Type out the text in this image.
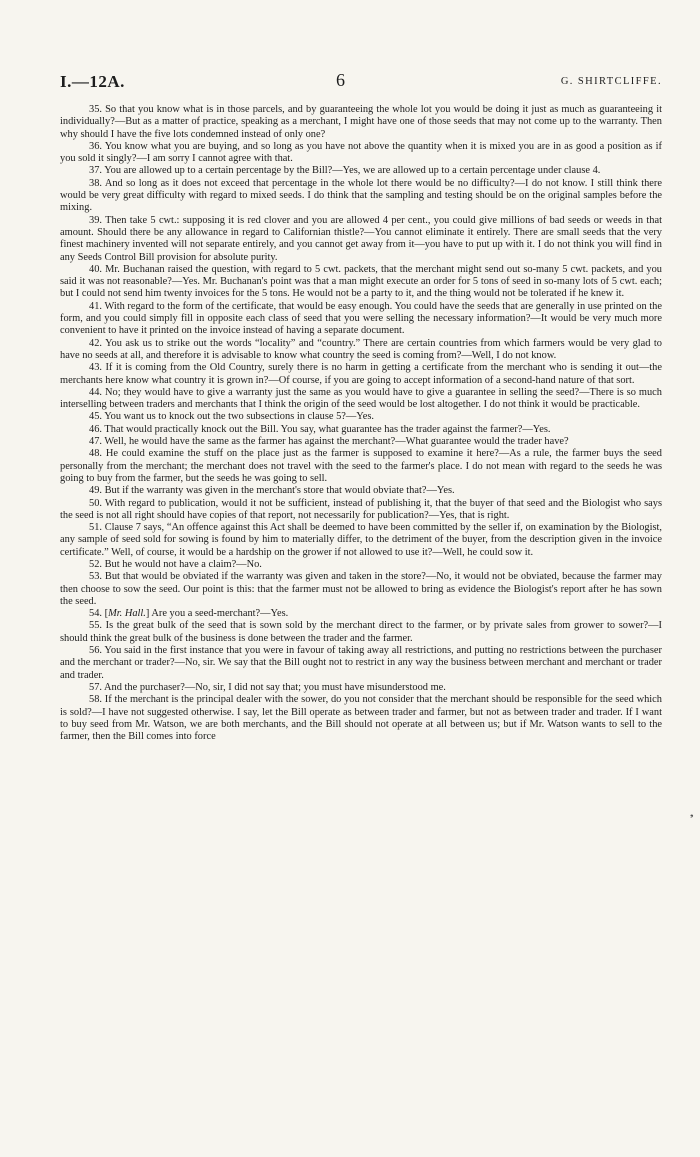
I.—12A.	6	G. SHIRTCLIFFE.

35. So that you know what is in those parcels, and by guaranteeing the whole lot you would be doing it just as much as guaranteeing it individually?—But as a matter of practice, speaking as a merchant, I might have one of those seeds that may not come up to the warranty. Then why should I have the five lots condemned instead of only one?

36. You know what you are buying, and so long as you have not above the quantity when it is mixed you are in as good a position as if you sold it singly?—I am sorry I cannot agree with that.

37. You are allowed up to a certain percentage by the Bill?—Yes, we are allowed up to a certain percentage under clause 4.

38. And so long as it does not exceed that percentage in the whole lot there would be no difficulty?—I do not know. I still think there would be very great difficulty with regard to mixed seeds. I do think that the sampling and testing should be on the original samples before the mixing.

39. Then take 5 cwt.: supposing it is red clover and you are allowed 4 per cent., you could give millions of bad seeds or weeds in that amount. Should there be any allowance in regard to Californian thistle?—You cannot eliminate it entirely. There are small seeds that the very finest machinery invented will not separate entirely, and you cannot get away from it—you have to put up with it. I do not think you will find in any Seeds Control Bill provision for absolute purity.

40. Mr. Buchanan raised the question, with regard to 5 cwt. packets, that the merchant might send out so-many 5 cwt. packets, and you said it was not reasonable?—Yes. Mr. Buchanan's point was that a man might execute an order for 5 tons of seed in so-many lots of 5 cwt. each; but I could not send him twenty invoices for the 5 tons. He would not be a party to it, and the thing would not be tolerated if he knew it.

41. With regard to the form of the certificate, that would be easy enough. You could have the seeds that are generally in use printed on the form, and you could simply fill in opposite each class of seed that you were selling the necessary information?—It would be very much more convenient to have it printed on the invoice instead of having a separate document.

42. You ask us to strike out the words “locality” and “country.” There are certain countries from which farmers would be very glad to have no seeds at all, and therefore it is advisable to know what country the seed is coming from?—Well, I do not know.

43. If it is coming from the Old Country, surely there is no harm in getting a certificate from the merchant who is sending it out—the merchants here know what country it is grown in?—Of course, if you are going to accept information of a second-hand nature of that sort.

44. No; they would have to give a warranty just the same as you would have to give a guarantee in selling the seed?—There is so much interselling between traders and merchants that I think the origin of the seed would be lost altogether. I do not think it would be practicable.

45. You want us to knock out the two subsections in clause 5?—Yes.

46. That would practically knock out the Bill. You say, what guarantee has the trader against the farmer?—Yes.

47. Well, he would have the same as the farmer has against the merchant?—What guarantee would the trader have?

48. He could examine the stuff on the place just as the farmer is supposed to examine it here?—As a rule, the farmer buys the seed personally from the merchant; the merchant does not travel with the seed to the farmer's place. I do not mean with regard to the seeds he was going to buy from the farmer, but the seeds he was going to sell.

49. But if the warranty was given in the merchant's store that would obviate that?—Yes.

50. With regard to publication, would it not be sufficient, instead of publishing it, that the buyer of that seed and the Biologist who says the seed is not all right should have copies of that report, not necessarily for publication?—Yes, that is right.

51. Clause 7 says, “An offence against this Act shall be deemed to have been committed by the seller if, on examination by the Biologist, any sample of seed sold for sowing is found by him to materially differ, to the detriment of the buyer, from the description given in the invoice certificate.” Well, of course, it would be a hardship on the grower if not allowed to use it?—Well, he could sow it.

52. But he would not have a claim?—No.

53. But that would be obviated if the warranty was given and taken in the store?—No, it would not be obviated, because the farmer may then choose to sow the seed. Our point is this: that the farmer must not be allowed to bring as evidence the Biologist's report after he has sown the seed.

54. [Mr. Hall.] Are you a seed-merchant?—Yes.

55. Is the great bulk of the seed that is sown sold by the merchant direct to the farmer, or by private sales from grower to sower?—I should think the great bulk of the business is done between the trader and the farmer.

56. You said in the first instance that you were in favour of taking away all restrictions, and putting no restrictions between the purchaser and the merchant or trader?—No, sir. We say that the Bill ought not to restrict in any way the business between merchant and merchant or trader and trader.

57. And the purchaser?—No, sir, I did not say that; you must have misunderstood me.

58. If the merchant is the principal dealer with the sower, do you not consider that the merchant should be responsible for the seed which is sold?—I have not suggested otherwise. I say, let the Bill operate as between trader and farmer, but not as between trader and trader. If I want to buy seed from Mr. Watson, we are both merchants, and the Bill should not operate at all between us; but if Mr. Watson wants to sell to the farmer, then the Bill comes into force

❟
